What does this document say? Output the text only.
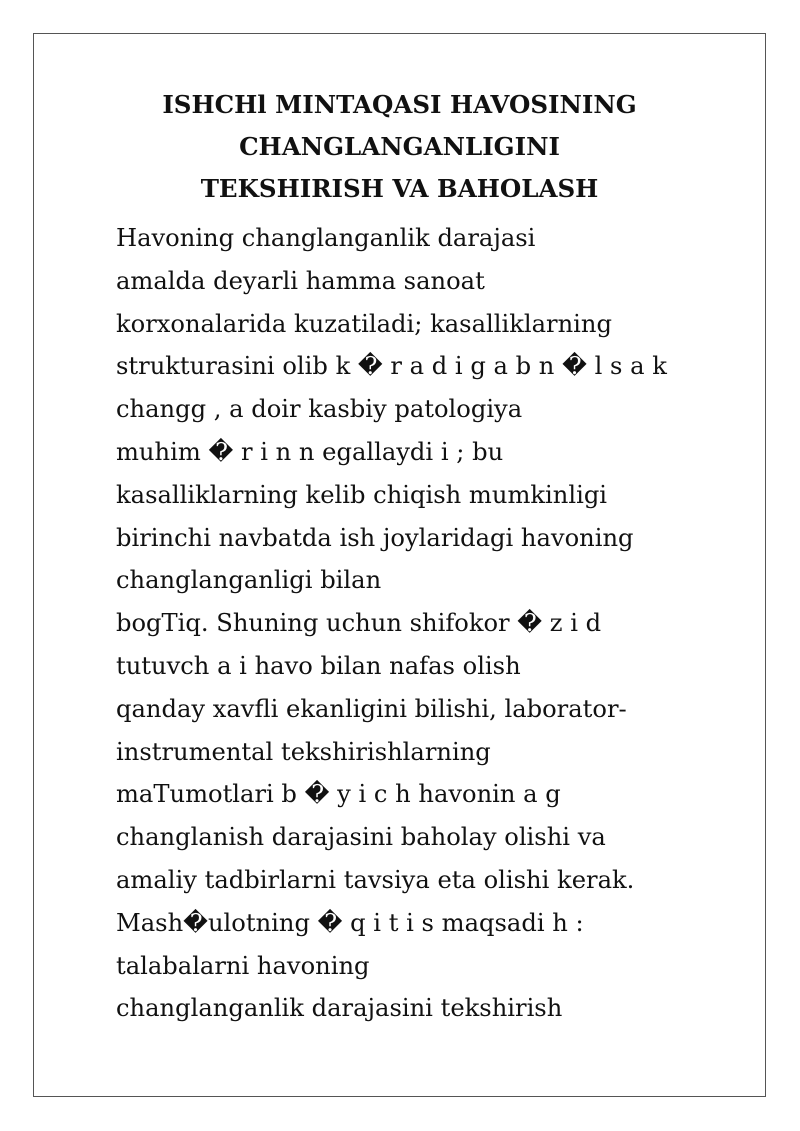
ISHCHl MINTAQASI HAVOSINING
CHANGLANGANLIGINI
TEKSHIRISH VA BAHOLASH
Havoning changlanganlik darajasi
amalda deyarli hamma sanoat
korxonalarida kuzatiladi; kasalliklarning
strukturasini olib k � r a d i g a b n � l s a k
changg , a doir kasbiy patologiya
muhim � r i n n egallaydi i ; bu
kasalliklarning kelib chiqish mumkinligi
birinchi navbatda ish joylaridagi havoning
changlanganligi bilan
bogTiq. Shuning uchun shifokor � z i d
tutuvch a i havo bilan nafas olish
qanday xavfli ekanligini bilishi, laborator-
instrumental tekshirishlarning
maTumotlari b � y i c h havonin a g
changlanish darajasini baholay olishi va
amaliy tadbirlarni tavsiya eta olishi kerak.
Mash�ulotning � q i t i s maqsadi h :
talabalarni havoning
changlanganlik darajasini tekshirish
